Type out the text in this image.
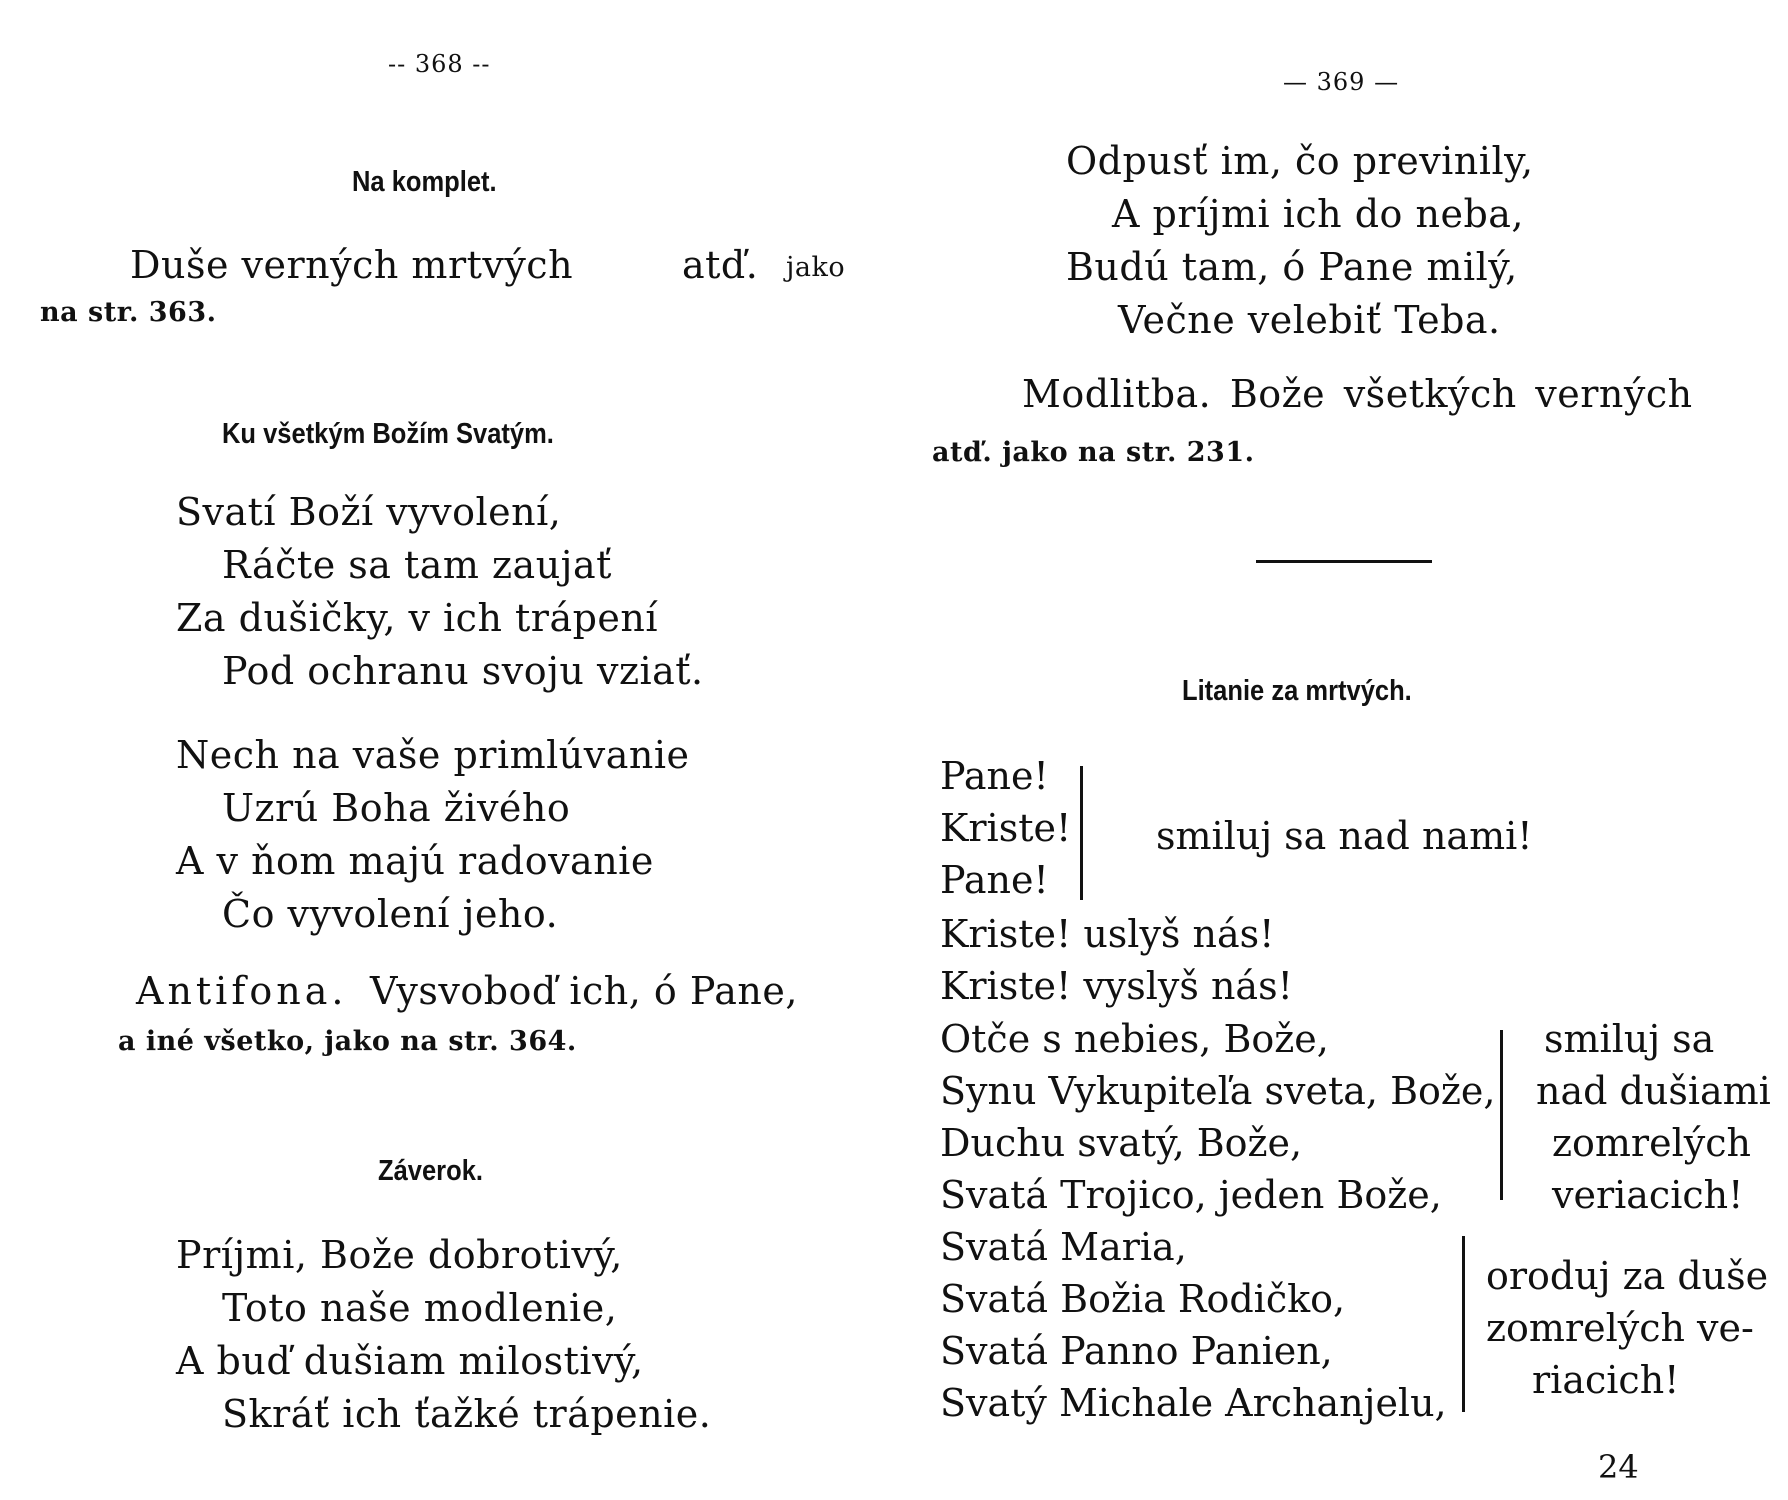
-- 368 --
Na komplet.
Duše verných mrtvých	atď. jako
na str. 363.
Ku všetkým Božím Svatým.
Svatí Boží vyvolení,
Ráčte sa tam zaujať
Za dušičky, v ich trápení
Pod ochranu svoju vziať.
Nech na vaše primlúvanie
Uzrú Boha živého
A v ňom majú radovanie
Čo vyvolení jeho.
Antifona. Vysvoboď ich, ó Pane,
a iné všetko, jako na str. 364.
Záverok.
Príjmi, Bože dobrotivý,
Toto naše modlenie,
A buď dušiam milostivý,
Skráť ich ťažké trápenie.
— 369 —
Odpusť im, čo previnily,
A príjmi ich do neba,
Budú tam, ó Pane milý,
Večne velebiť Teba.
Modlitba. Bože všetkých verných
atď. jako na str. 231.
Litanie za mrtvých.
Pane!
Kriste!
Pane!
smiluj sa nad nami!
Kriste! uslyš nás!
Kriste! vyslyš nás!
Otče s nebies, Bože,
Synu Vykupiteľa sveta, Bože,
Duchu svatý, Bože,
Svatá Trojico, jeden Bože,
smiluj sa
nad dušiami
zomrelých
veriacich!
Svatá Maria,
Svatá Božia Rodičko,
Svatá Panno Panien,
Svatý Michale Archanjelu,
oroduj za duše
zomrelých ve-
riacich!
24
